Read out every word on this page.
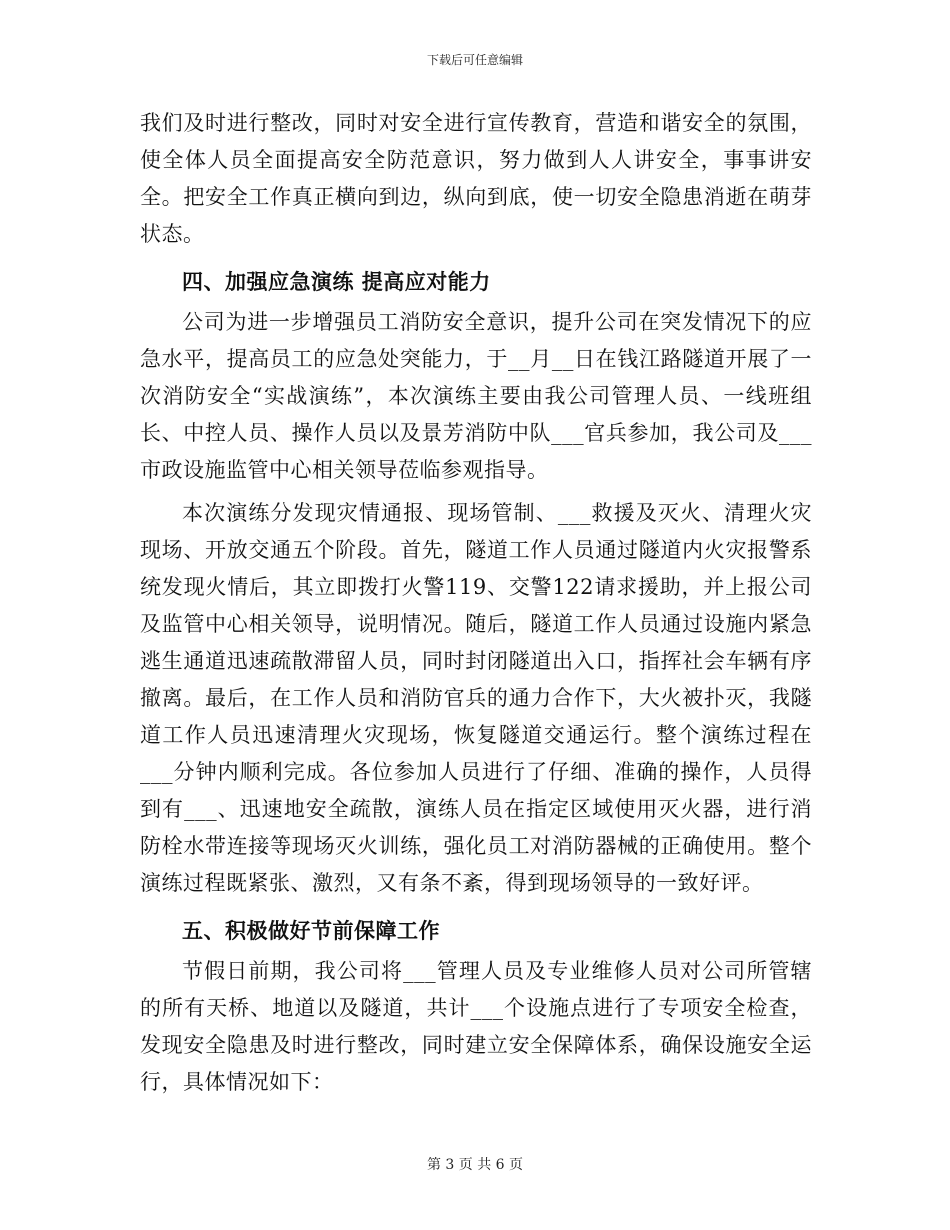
下载后可任意编辑

我们及时进行整改，同时对安全进行宣传教育，营造和谐安全的氛围，使全体人员全面提高安全防范意识，努力做到人人讲安全，事事讲安全。把安全工作真正横向到边，纵向到底，使一切安全隐患消逝在萌芽状态。

四、加强应急演练 提高应对能力

公司为进一步增强员工消防安全意识，提升公司在突发情况下的应急水平，提高员工的应急处突能力，于__月__日在钱江路隧道开展了一次消防安全“实战演练”，本次演练主要由我公司管理人员、一线班组长、中控人员、操作人员以及景芳消防中队___官兵参加，我公司及___市政设施监管中心相关领导莅临参观指导。

本次演练分发现灾情通报、现场管制、___救援及灭火、清理火灾现场、开放交通五个阶段。首先，隧道工作人员通过隧道内火灾报警系统发现火情后，其立即拨打火警119、交警122请求援助，并上报公司及监管中心相关领导，说明情况。随后，隧道工作人员通过设施内紧急逃生通道迅速疏散滞留人员，同时封闭隧道出入口，指挥社会车辆有序撤离。最后，在工作人员和消防官兵的通力合作下，大火被扑灭，我隧道工作人员迅速清理火灾现场，恢复隧道交通运行。整个演练过程在___分钟内顺利完成。各位参加人员进行了仔细、准确的操作，人员得到有___、迅速地安全疏散，演练人员在指定区域使用灭火器，进行消防栓水带连接等现场灭火训练，强化员工对消防器械的正确使用。整个演练过程既紧张、激烈，又有条不紊，得到现场领导的一致好评。

五、积极做好节前保障工作

节假日前期，我公司将___管理人员及专业维修人员对公司所管辖的所有天桥、地道以及隧道，共计___个设施点进行了专项安全检查，发现安全隐患及时进行整改，同时建立安全保障体系，确保设施安全运行，具体情况如下：

第 3 页 共 6 页
